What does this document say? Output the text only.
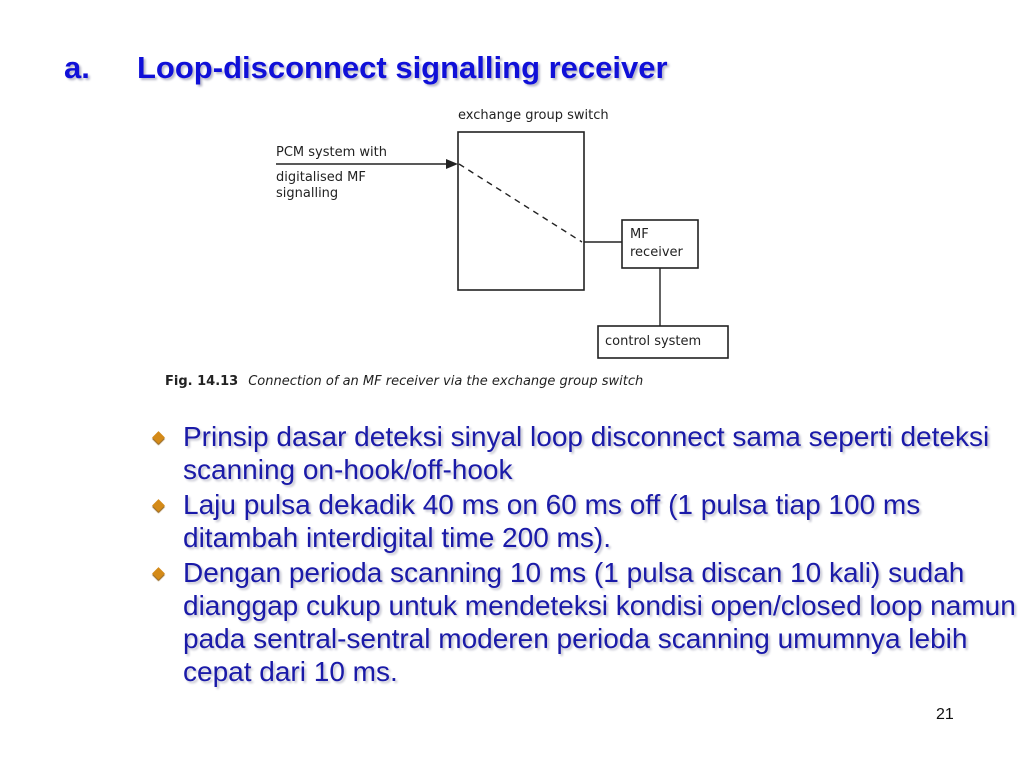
a. Loop-disconnect signalling receiver
exchange group switch
PCM system with
digitalised MF
signalling
MF
receiver
control system
Fig. 14.13 Connection of an MF receiver via the exchange group switch
Prinsip dasar deteksi sinyal loop disconnect sama seperti deteksi scanning on-hook/off-hook
Laju pulsa dekadik 40 ms on 60 ms off (1 pulsa tiap 100 ms ditambah interdigital time 200 ms).
Dengan perioda scanning 10 ms (1 pulsa discan 10 kali) sudah dianggap cukup untuk mendeteksi kondisi open/closed loop namun pada sentral-sentral moderen perioda scanning umumnya lebih cepat dari 10 ms.
21
